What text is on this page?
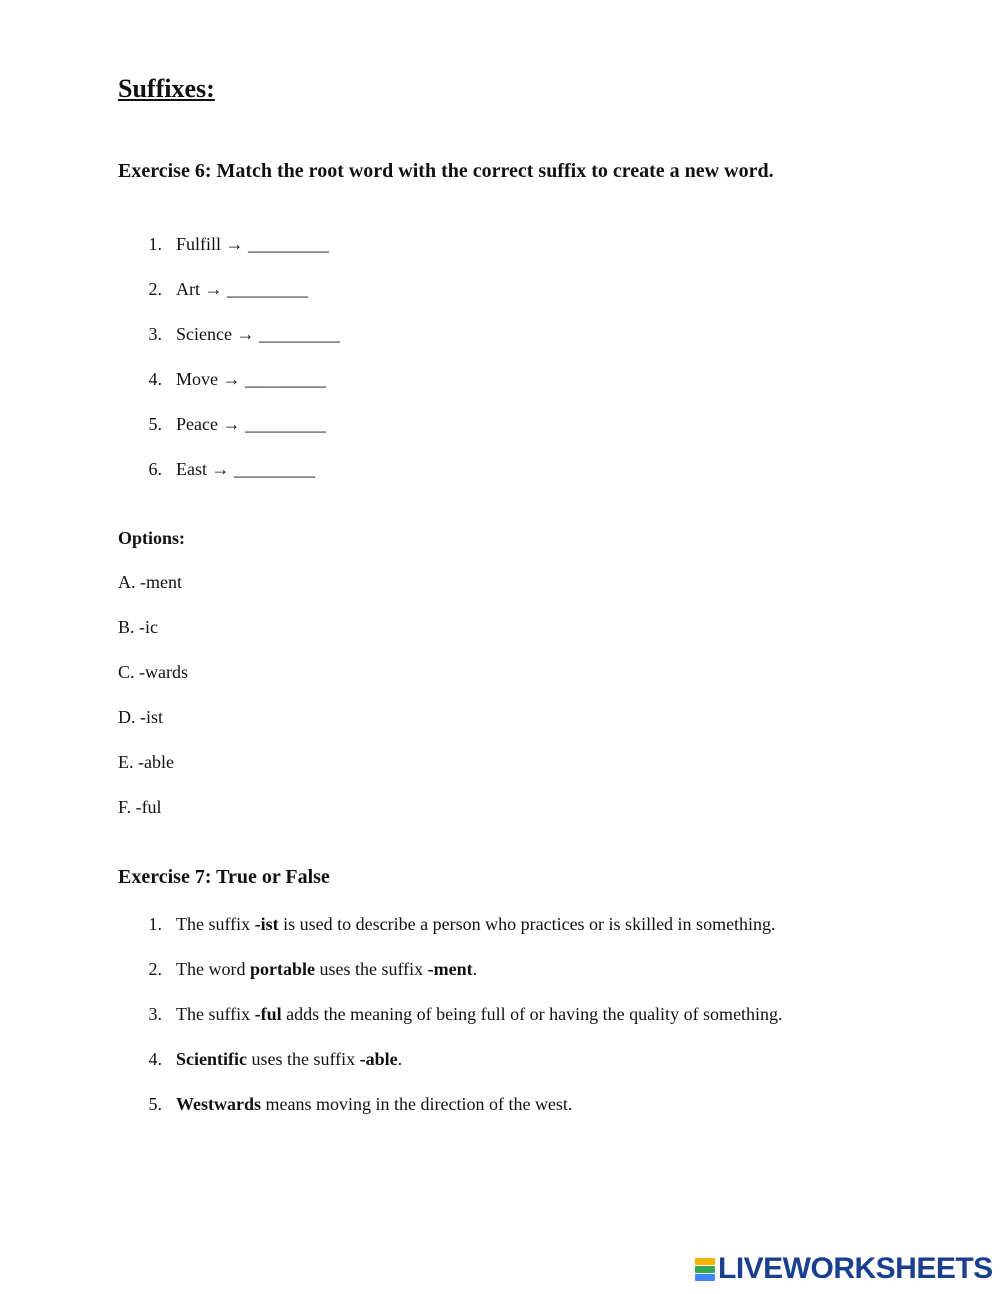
Suffixes:
Exercise 6: Match the root word with the correct suffix to create a new word.
1. Fulfill → _________
2. Art → _________
3. Science → _________
4. Move → _________
5. Peace → _________
6. East → _________
Options:
A. -ment
B. -ic
C. -wards
D. -ist
E. -able
F. -ful
Exercise 7: True or False
1. The suffix -ist is used to describe a person who practices or is skilled in something.
2. The word portable uses the suffix -ment.
3. The suffix -ful adds the meaning of being full of or having the quality of something.
4. Scientific uses the suffix -able.
5. Westwards means moving in the direction of the west.
LIVEWORKSHEETS
